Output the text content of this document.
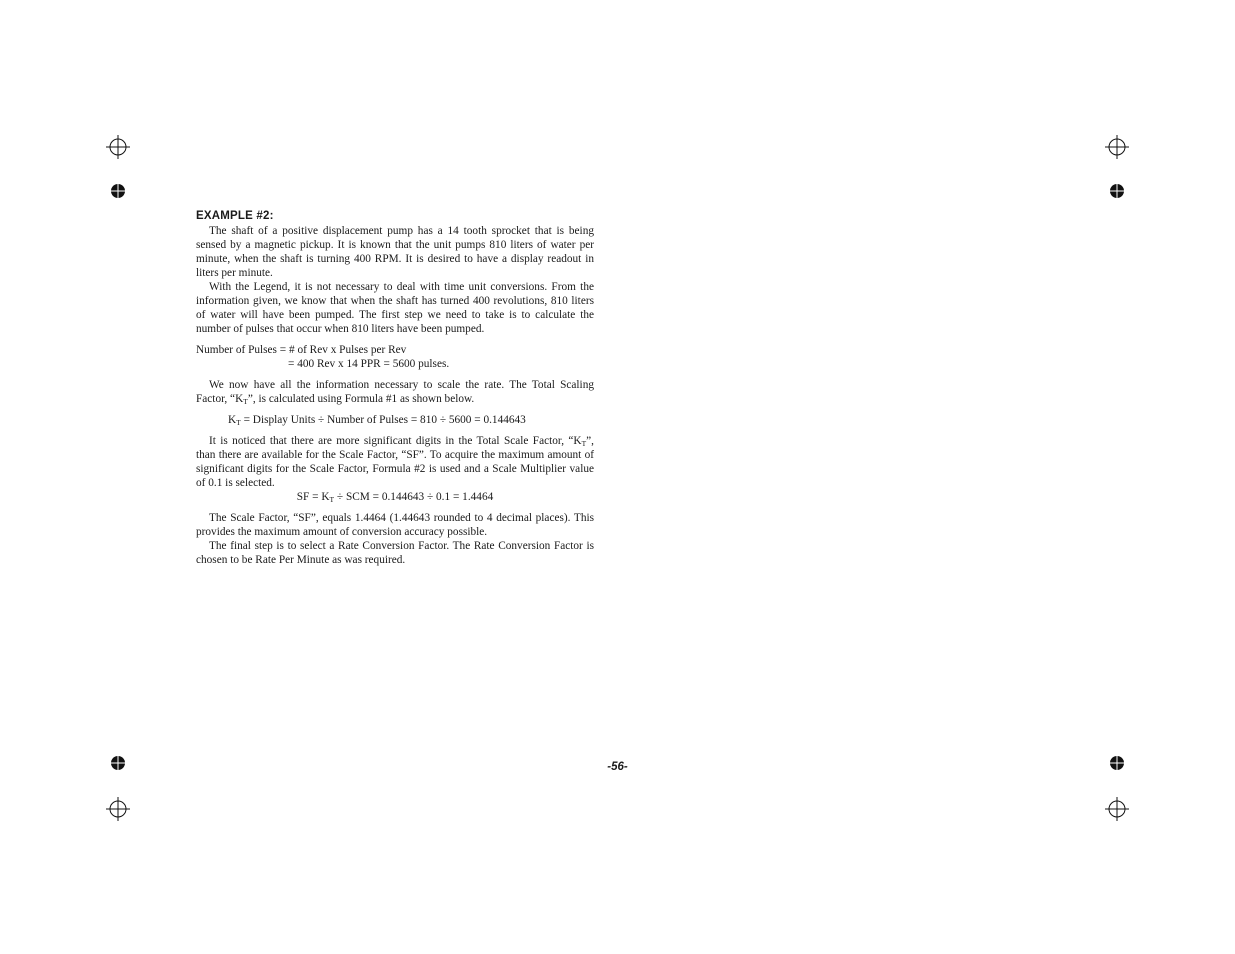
EXAMPLE #2:

The shaft of a positive displacement pump has a 14 tooth sprocket that is being sensed by a magnetic pickup. It is known that the unit pumps 810 liters of water per minute, when the shaft is turning 400 RPM. It is desired to have a display readout in liters per minute.

With the Legend, it is not necessary to deal with time unit conversions. From the information given, we know that when the shaft has turned 400 revolutions, 810 liters of water will have been pumped. The first step we need to take is to calculate the number of pulses that occur when 810 liters have been pumped.

Number of Pulses = # of Rev x Pulses per Rev

= 400 Rev x 14 PPR = 5600 pulses.

We now have all the information necessary to scale the rate. The Total Scaling Factor, “$K_T$”, is calculated using Formula #1 as shown below.

$K_T$ = Display Units ÷ Number of Pulses = 810 ÷ 5600 = 0.144643

It is noticed that there are more significant digits in the Total Scale Factor, “$K_T$”, than there are available for the Scale Factor, “SF”. To acquire the maximum amount of significant digits for the Scale Factor, Formula #2 is used and a Scale Multiplier value of 0.1 is selected.

SF = $K_T$ ÷ SCM = 0.144643 ÷ 0.1 = 1.4464

The Scale Factor, “SF”, equals 1.4464 (1.44643 rounded to 4 decimal places). This provides the maximum amount of conversion accuracy possible.

The final step is to select a Rate Conversion Factor. The Rate Conversion Factor is chosen to be Rate Per Minute as was required.

-56-
